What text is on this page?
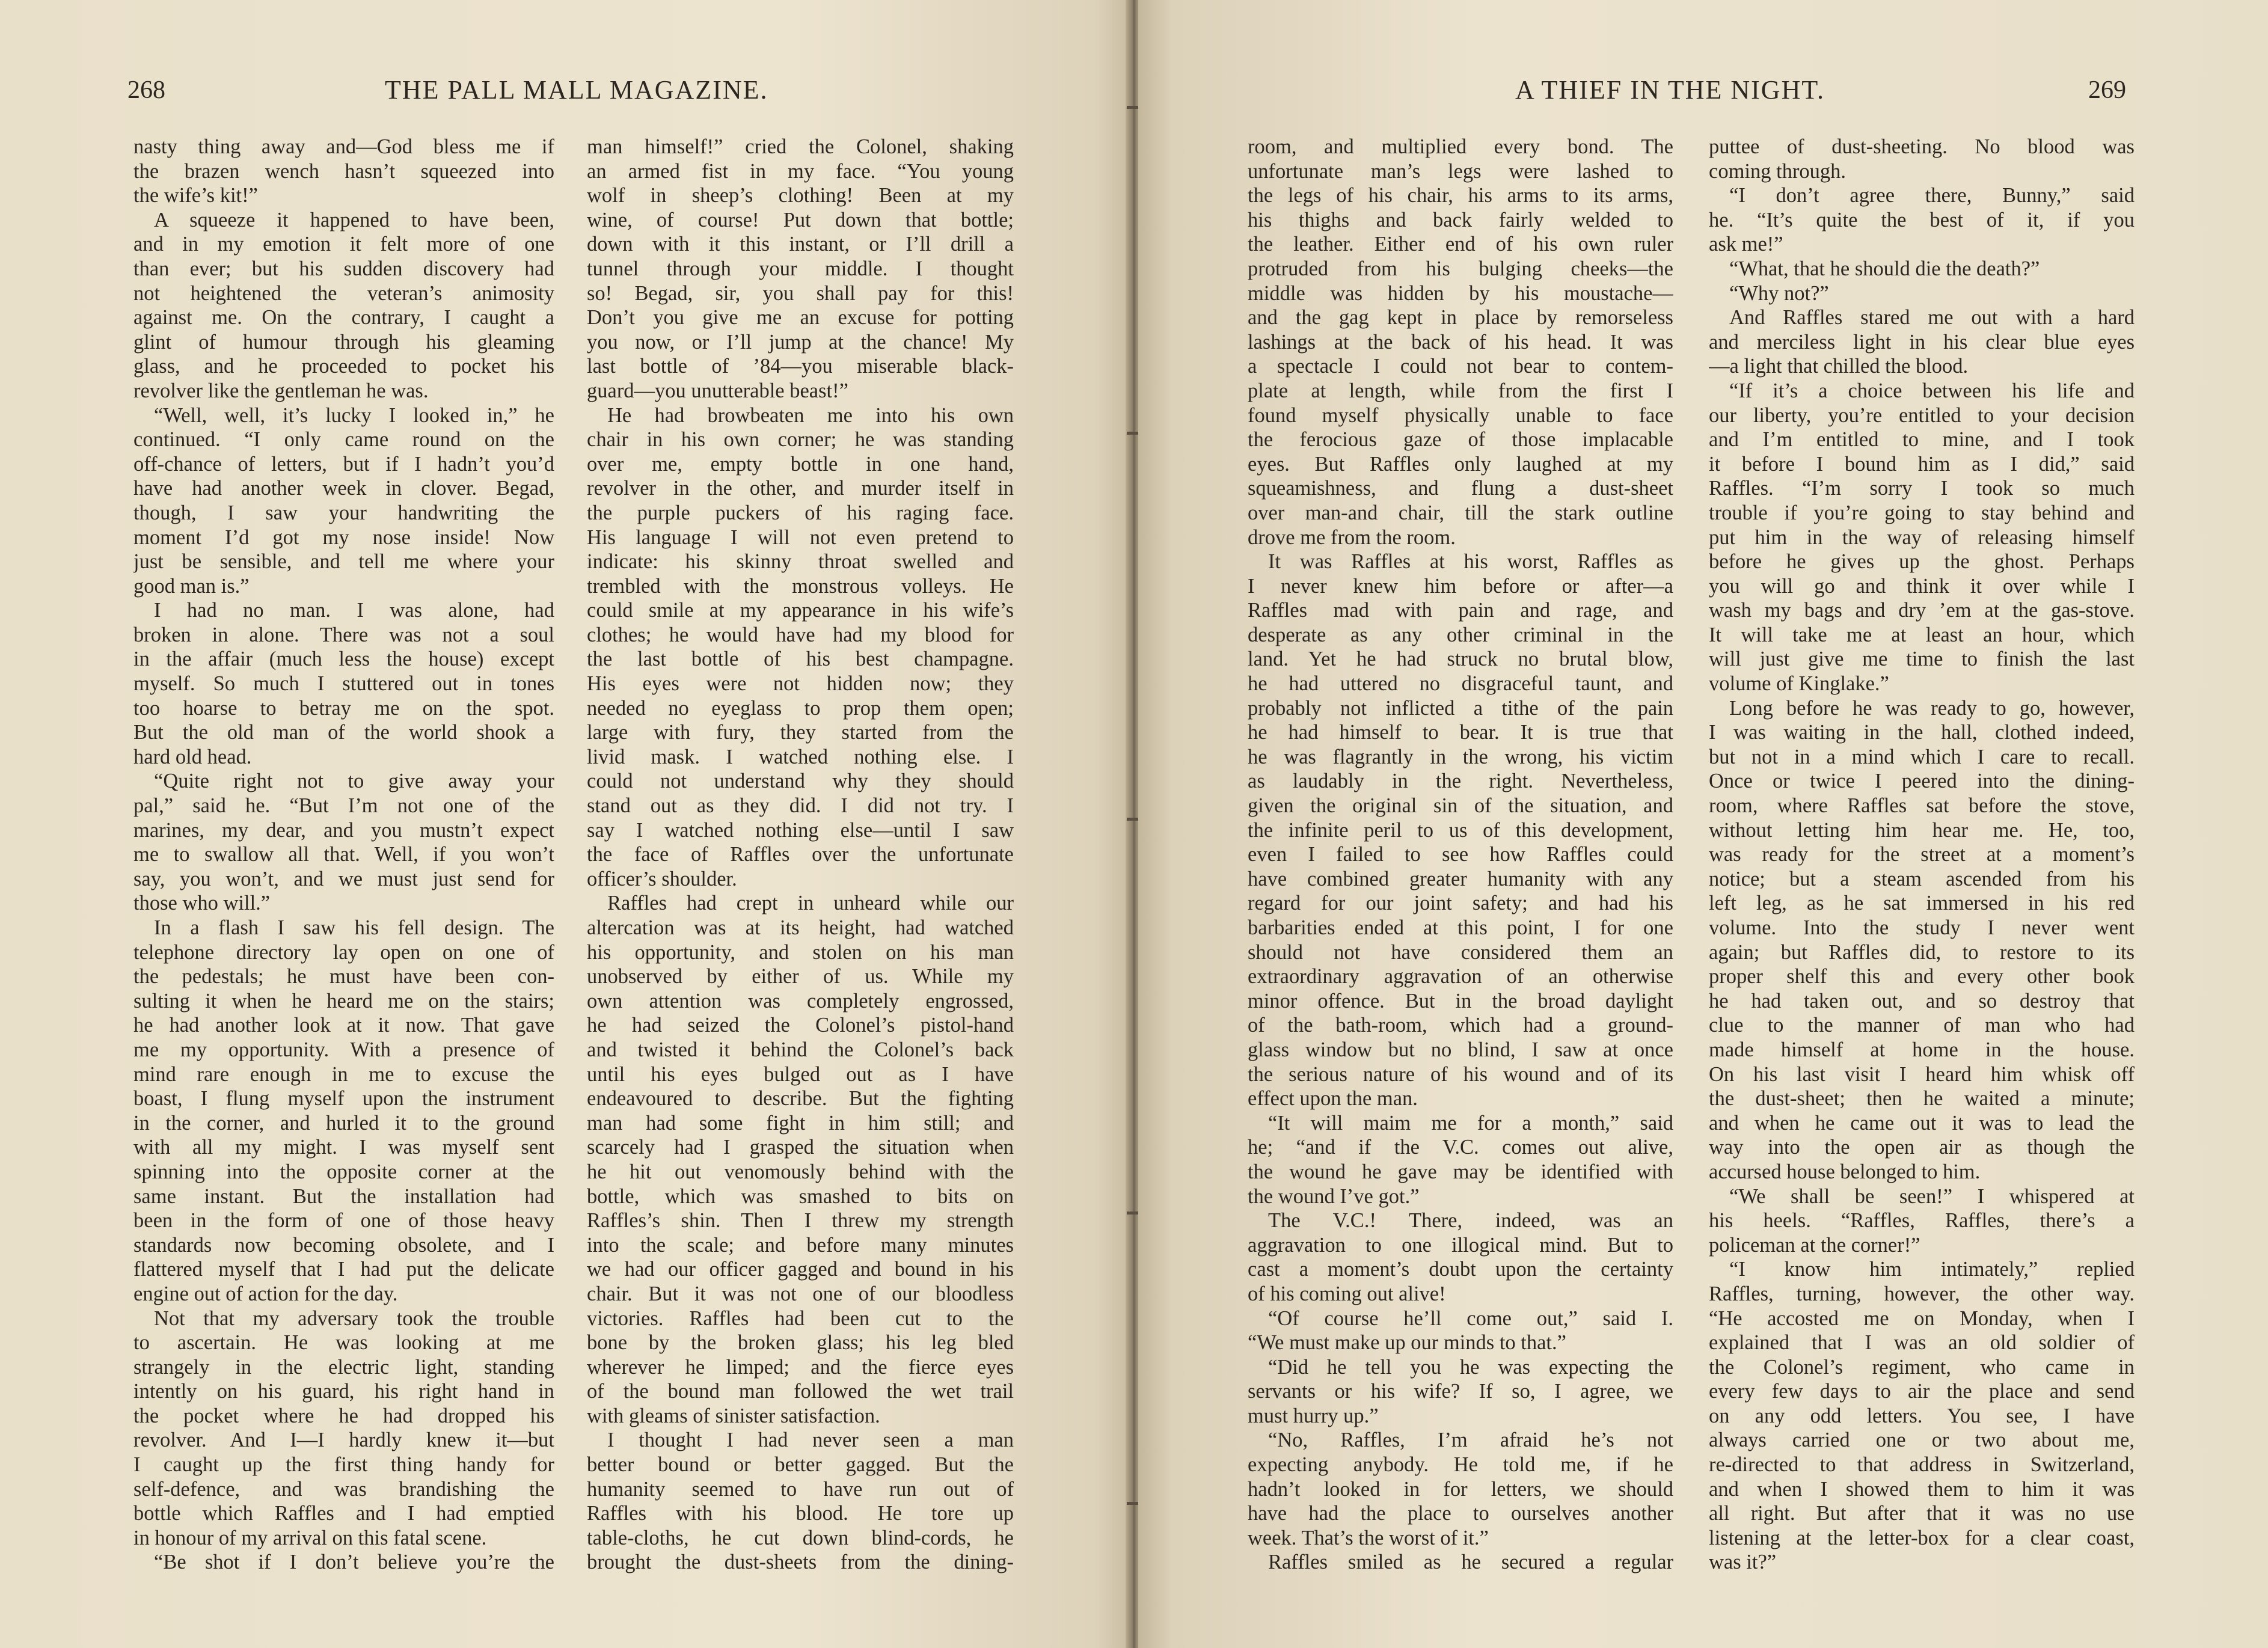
268	THE PALL MALL MAGAZINE.
nasty thing away and—God bless me if
the brazen wench hasn’t squeezed into
the wife’s kit!”
A squeeze it happened to have been,
and in my emotion it felt more of one
than ever; but his sudden discovery had
not heightened the veteran’s animosity
against me. On the contrary, I caught a
glint of humour through his gleaming
glass, and he proceeded to pocket his
revolver like the gentleman he was.
“Well, well, it’s lucky I looked in,” he
continued. “I only came round on the
off-chance of letters, but if I hadn’t you’d
have had another week in clover. Begad,
though, I saw your handwriting the
moment I’d got my nose inside! Now
just be sensible, and tell me where your
good man is.”
I had no man. I was alone, had
broken in alone. There was not a soul
in the affair (much less the house) except
myself. So much I stuttered out in tones
too hoarse to betray me on the spot.
But the old man of the world shook a
hard old head.
“Quite right not to give away your
pal,” said he. “But I’m not one of the
marines, my dear, and you mustn’t expect
me to swallow all that. Well, if you won’t
say, you won’t, and we must just send for
those who will.”
In a flash I saw his fell design. The
telephone directory lay open on one of
the pedestals; he must have been con-
sulting it when he heard me on the stairs;
he had another look at it now. That gave
me my opportunity. With a presence of
mind rare enough in me to excuse the
boast, I flung myself upon the instrument
in the corner, and hurled it to the ground
with all my might. I was myself sent
spinning into the opposite corner at the
same instant. But the installation had
been in the form of one of those heavy
standards now becoming obsolete, and I
flattered myself that I had put the delicate
engine out of action for the day.
Not that my adversary took the trouble
to ascertain. He was looking at me
strangely in the electric light, standing
intently on his guard, his right hand in
the pocket where he had dropped his
revolver. And I—I hardly knew it—but
I caught up the first thing handy for
self-defence, and was brandishing the
bottle which Raffles and I had emptied
in honour of my arrival on this fatal scene.
“Be shot if I don’t believe you’re the
man himself!” cried the Colonel, shaking
an armed fist in my face. “You young
wolf in sheep’s clothing! Been at my
wine, of course! Put down that bottle;
down with it this instant, or I’ll drill a
tunnel through your middle. I thought
so! Begad, sir, you shall pay for this!
Don’t you give me an excuse for potting
you now, or I’ll jump at the chance! My
last bottle of ’84—you miserable black-
guard—you unutterable beast!”
He had browbeaten me into his own
chair in his own corner; he was standing
over me, empty bottle in one hand,
revolver in the other, and murder itself in
the purple puckers of his raging face.
His language I will not even pretend to
indicate: his skinny throat swelled and
trembled with the monstrous volleys. He
could smile at my appearance in his wife’s
clothes; he would have had my blood for
the last bottle of his best champagne.
His eyes were not hidden now; they
needed no eyeglass to prop them open;
large with fury, they started from the
livid mask. I watched nothing else. I
could not understand why they should
stand out as they did. I did not try. I
say I watched nothing else—until I saw
the face of Raffles over the unfortunate
officer’s shoulder.
Raffles had crept in unheard while our
altercation was at its height, had watched
his opportunity, and stolen on his man
unobserved by either of us. While my
own attention was completely engrossed,
he had seized the Colonel’s pistol-hand
and twisted it behind the Colonel’s back
until his eyes bulged out as I have
endeavoured to describe. But the fighting
man had some fight in him still; and
scarcely had I grasped the situation when
he hit out venomously behind with the
bottle, which was smashed to bits on
Raffles’s shin. Then I threw my strength
into the scale; and before many minutes
we had our officer gagged and bound in his
chair. But it was not one of our bloodless
victories. Raffles had been cut to the
bone by the broken glass; his leg bled
wherever he limped; and the fierce eyes
of the bound man followed the wet trail
with gleams of sinister satisfaction.
I thought I had never seen a man
better bound or better gagged. But the
humanity seemed to have run out of
Raffles with his blood. He tore up
table-cloths, he cut down blind-cords, he
brought the dust-sheets from the dining-
A THIEF IN THE NIGHT.	269
room, and multiplied every bond. The
unfortunate man’s legs were lashed to
the legs of his chair, his arms to its arms,
his thighs and back fairly welded to
the leather. Either end of his own ruler
protruded from his bulging cheeks—the
middle was hidden by his moustache—
and the gag kept in place by remorseless
lashings at the back of his head. It was
a spectacle I could not bear to contem-
plate at length, while from the first I
found myself physically unable to face
the ferocious gaze of those implacable
eyes. But Raffles only laughed at my
squeamishness, and flung a dust-sheet
over man-and chair, till the stark outline
drove me from the room.
It was Raffles at his worst, Raffles as
I never knew him before or after—a
Raffles mad with pain and rage, and
desperate as any other criminal in the
land. Yet he had struck no brutal blow,
he had uttered no disgraceful taunt, and
probably not inflicted a tithe of the pain
he had himself to bear. It is true that
he was flagrantly in the wrong, his victim
as laudably in the right. Nevertheless,
given the original sin of the situation, and
the infinite peril to us of this development,
even I failed to see how Raffles could
have combined greater humanity with any
regard for our joint safety; and had his
barbarities ended at this point, I for one
should not have considered them an
extraordinary aggravation of an otherwise
minor offence. But in the broad daylight
of the bath-room, which had a ground-
glass window but no blind, I saw at once
the serious nature of his wound and of its
effect upon the man.
“It will maim me for a month,” said
he; “and if the V.C. comes out alive,
the wound he gave may be identified with
the wound I’ve got.”
The V.C.! There, indeed, was an
aggravation to one illogical mind. But to
cast a moment’s doubt upon the certainty
of his coming out alive!
“Of course he’ll come out,” said I.
“We must make up our minds to that.”
“Did he tell you he was expecting the
servants or his wife? If so, I agree, we
must hurry up.”
“No, Raffles, I’m afraid he’s not
expecting anybody. He told me, if he
hadn’t looked in for letters, we should
have had the place to ourselves another
week. That’s the worst of it.”
Raffles smiled as he secured a regular
puttee of dust-sheeting. No blood was
coming through.
“I don’t agree there, Bunny,” said
he. “It’s quite the best of it, if you
ask me!”
“What, that he should die the death?”
“Why not?”
And Raffles stared me out with a hard
and merciless light in his clear blue eyes
—a light that chilled the blood.
“If it’s a choice between his life and
our liberty, you’re entitled to your decision
and I’m entitled to mine, and I took
it before I bound him as I did,” said
Raffles. “I’m sorry I took so much
trouble if you’re going to stay behind and
put him in the way of releasing himself
before he gives up the ghost. Perhaps
you will go and think it over while I
wash my bags and dry ’em at the gas-stove.
It will take me at least an hour, which
will just give me time to finish the last
volume of Kinglake.”
Long before he was ready to go, however,
I was waiting in the hall, clothed indeed,
but not in a mind which I care to recall.
Once or twice I peered into the dining-
room, where Raffles sat before the stove,
without letting him hear me. He, too,
was ready for the street at a moment’s
notice; but a steam ascended from his
left leg, as he sat immersed in his red
volume. Into the study I never went
again; but Raffles did, to restore to its
proper shelf this and every other book
he had taken out, and so destroy that
clue to the manner of man who had
made himself at home in the house.
On his last visit I heard him whisk off
the dust-sheet; then he waited a minute;
and when he came out it was to lead the
way into the open air as though the
accursed house belonged to him.
“We shall be seen!” I whispered at
his heels. “Raffles, Raffles, there’s a
policeman at the corner!”
“I know him intimately,” replied
Raffles, turning, however, the other way.
“He accosted me on Monday, when I
explained that I was an old soldier of
the Colonel’s regiment, who came in
every few days to air the place and send
on any odd letters. You see, I have
always carried one or two about me,
re-directed to that address in Switzerland,
and when I showed them to him it was
all right. But after that it was no use
listening at the letter-box for a clear coast,
was it?”
